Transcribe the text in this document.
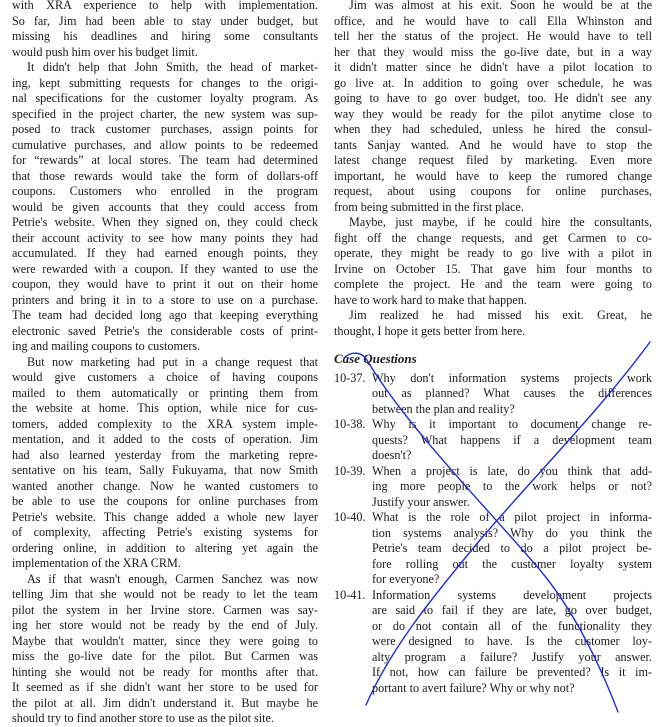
with XRA experience to help with implementation.
So far, Jim had been able to stay under budget, but
missing his deadlines and hiring some consultants
would push him over his budget limit.
It didn't help that John Smith, the head of market-
ing, kept submitting requests for changes to the origi-
nal specifications for the customer loyalty program. As
specified in the project charter, the new system was sup-
posed to track customer purchases, assign points for
cumulative purchases, and allow points to be redeemed
for “rewards” at local stores. The team had determined
that those rewards would take the form of dollars-off
coupons. Customers who enrolled in the program
would be given accounts that they could access from
Petrie's website. When they signed on, they could check
their account activity to see how many points they had
accumulated. If they had earned enough points, they
were rewarded with a coupon. If they wanted to use the
coupon, they would have to print it out on their home
printers and bring it in to a store to use on a purchase.
The team had decided long ago that keeping everything
electronic saved Petrie's the considerable costs of print-
ing and mailing coupons to customers.
But now marketing had put in a change request that
would give customers a choice of having coupons
mailed to them automatically or printing them from
the website at home. This option, while nice for cus-
tomers, added complexity to the XRA system imple-
mentation, and it added to the costs of operation. Jim
had also learned yesterday from the marketing repre-
sentative on his team, Sally Fukuyama, that now Smith
wanted another change. Now he wanted customers to
be able to use the coupons for online purchases from
Petrie's website. This change added a whole new layer
of complexity, affecting Petrie's existing systems for
ordering online, in addition to altering yet again the
implementation of the XRA CRM.
As if that wasn't enough, Carmen Sanchez was now
telling Jim that she would not be ready to let the team
pilot the system in her Irvine store. Carmen was say-
ing her store would not be ready by the end of July.
Maybe that wouldn't matter, since they were going to
miss the go-live date for the pilot. But Carmen was
hinting she would not be ready for months after that.
It seemed as if she didn't want her store to be used for
the pilot at all. Jim didn't understand it. But maybe he
should try to find another store to use as the pilot site.
Jim was almost at his exit. Soon he would be at the
office, and he would have to call Ella Whinston and
tell her the status of the project. He would have to tell
her that they would miss the go-live date, but in a way
it didn't matter since he didn't have a pilot location to
go live at. In addition to going over schedule, he was
going to have to go over budget, too. He didn't see any
way they would be ready for the pilot anytime close to
when they had scheduled, unless he hired the consul-
tants Sanjay wanted. And he would have to stop the
latest change request filed by marketing. Even more
important, he would have to keep the rumored change
request, about using coupons for online purchases,
from being submitted in the first place.
Maybe, just maybe, if he could hire the consultants,
fight off the change requests, and get Carmen to co-
operate, they might be ready to go live with a pilot in
Irvine on October 15. That gave him four months to
complete the project. He and the team were going to
have to work hard to make that happen.
Jim realized he had missed his exit. Great, he
thought, I hope it gets better from here.
Case Questions
10-37. Why don't information systems projects work
out as planned? What causes the differences
between the plan and reality?
10-38. Why is it important to document change re-
quests? What happens if a development team
doesn't?
10-39. When a project is late, do you think that add-
ing more people to the work helps or not?
Justify your answer.
10-40. What is the role of a pilot project in informa-
tion systems analysis? Why do you think the
Petrie's team decided to do a pilot project be-
fore rolling out the customer loyalty system
for everyone?
10-41. Information systems development projects
are said to fail if they are late, go over budget,
or do not contain all of the functionality they
were designed to have. Is the customer loy-
alty program a failure? Justify your answer.
If not, how can failure be prevented? Is it im-
portant to avert failure? Why or why not?
